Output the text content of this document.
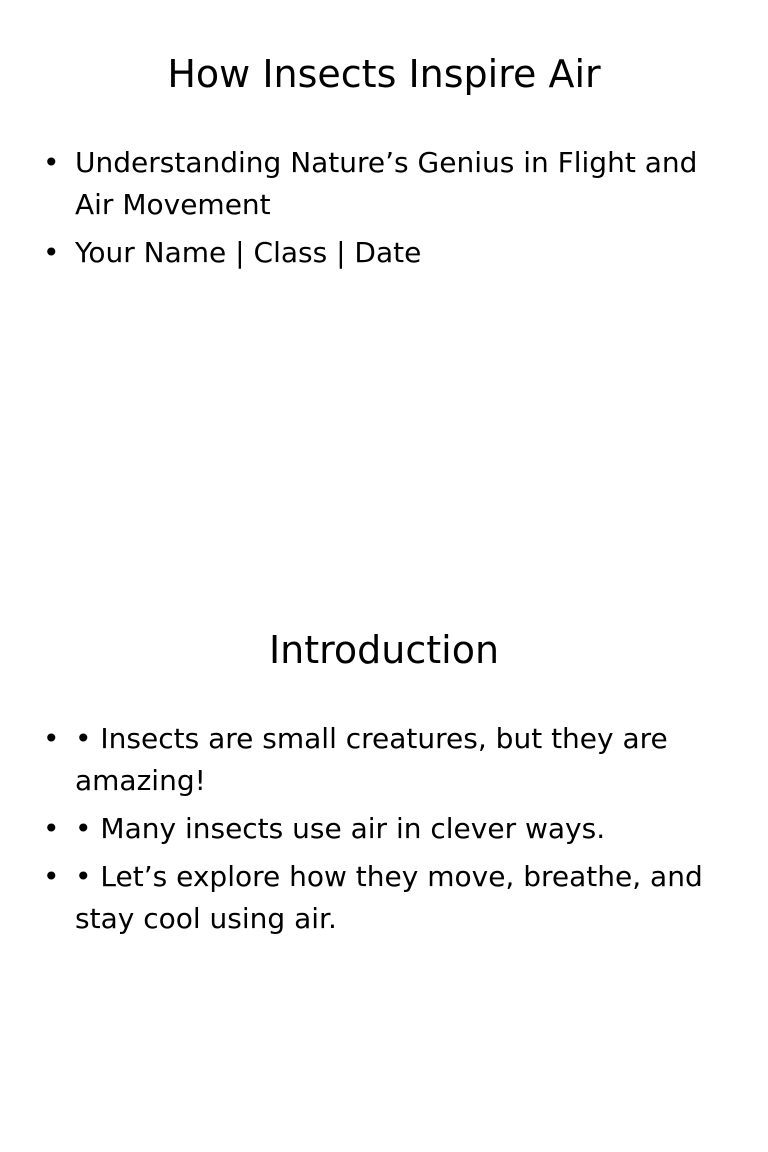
How Insects Inspire Air
• Understanding Nature’s Genius in Flight and Air Movement
• Your Name | Class | Date
Introduction
• • Insects are small creatures, but they are amazing!
• • Many insects use air in clever ways.
• • Let’s explore how they move, breathe, and stay cool using air.
